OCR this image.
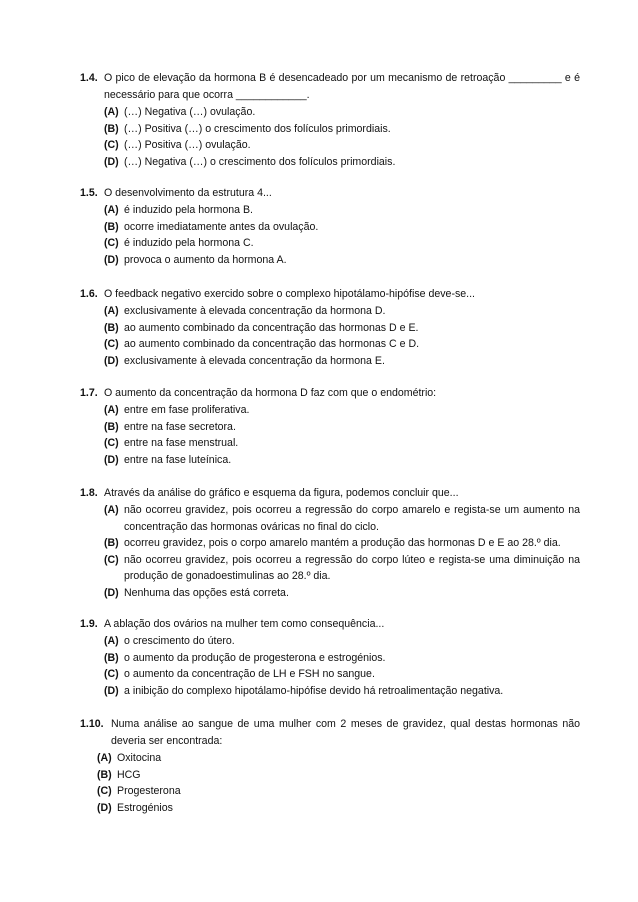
1.4. O pico de elevação da hormona B é desencadeado por um mecanismo de retroação _________ e é necessário para que ocorra ____________.
(A) (…) Negativa (…) ovulação.
(B) (…) Positiva (…) o crescimento dos folículos primordiais.
(C) (…) Positiva (…) ovulação.
(D) (…) Negativa (…) o crescimento dos folículos primordiais.
1.5. O desenvolvimento da estrutura 4...
(A) é induzido pela hormona B.
(B) ocorre imediatamente antes da ovulação.
(C) é induzido pela hormona C.
(D) provoca o aumento da hormona A.
1.6. O feedback negativo exercido sobre o complexo hipotálamo-hipófise deve-se...
(A) exclusivamente à elevada concentração da hormona D.
(B) ao aumento combinado da concentração das hormonas D e E.
(C) ao aumento combinado da concentração das hormonas C e D.
(D) exclusivamente à elevada concentração da hormona E.
1.7. O aumento da concentração da hormona D faz com que o endométrio:
(A) entre em fase proliferativa.
(B) entre na fase secretora.
(C) entre na fase menstrual.
(D) entre na fase luteínica.
1.8. Através da análise do gráfico e esquema da figura, podemos concluir que...
(A) não ocorreu gravidez, pois ocorreu a regressão do corpo amarelo e regista-se um aumento na concentração das hormonas ováricas no final do ciclo.
(B) ocorreu gravidez, pois o corpo amarelo mantém a produção das hormonas D e E ao 28.º dia.
(C) não ocorreu gravidez, pois ocorreu a regressão do corpo lúteo e regista-se uma diminuição na produção de gonadoestimulinas ao 28.º dia.
(D) Nenhuma das opções está correta.
1.9. A ablação dos ovários na mulher tem como consequência...
(A) o crescimento do útero.
(B) o aumento da produção de progesterona e estrogénios.
(C) o aumento da concentração de LH e FSH no sangue.
(D) a inibição do complexo hipotálamo-hipófise devido há retroalimentação negativa.
1.10. Numa análise ao sangue de uma mulher com 2 meses de gravidez, qual destas hormonas não deveria ser encontrada:
(A) Oxitocina
(B) HCG
(C) Progesterona
(D) Estrogénios
